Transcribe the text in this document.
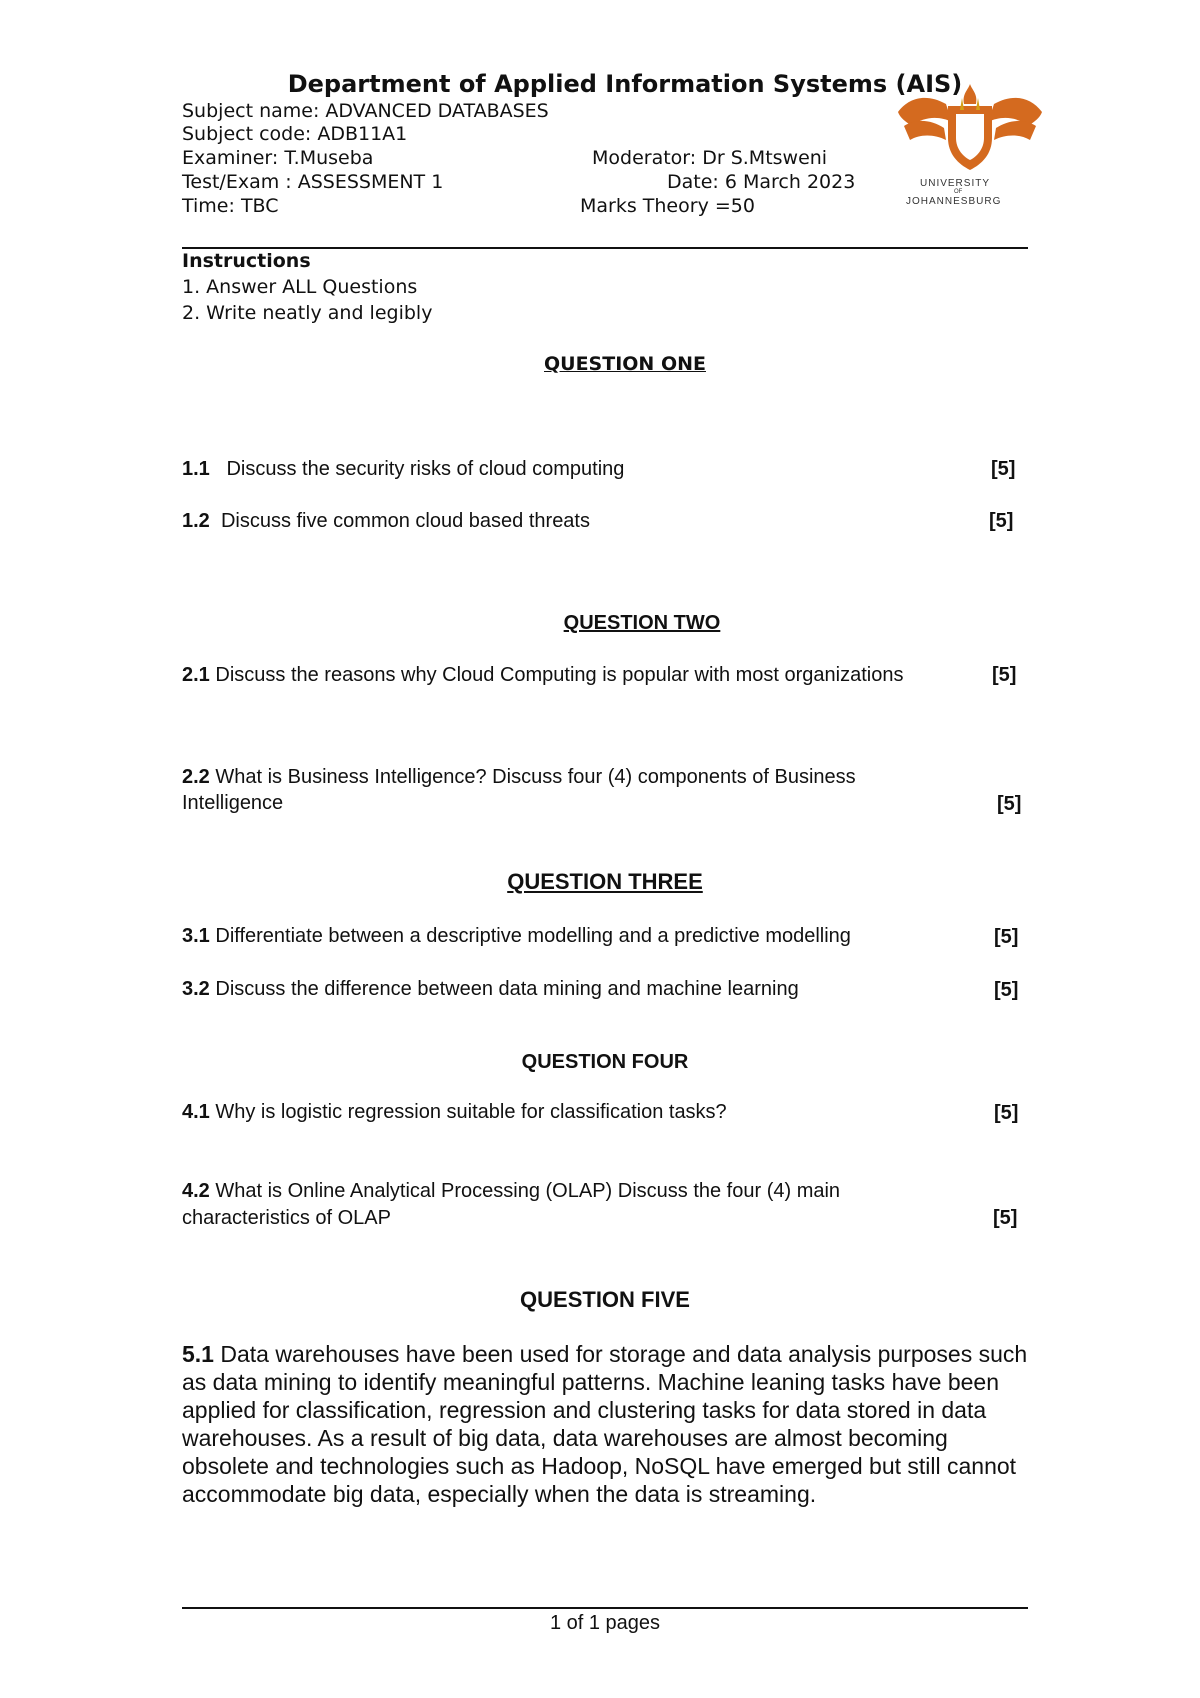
Department of Applied Information Systems (AIS)
Subject name: ADVANCED DATABASES
Subject code: ADB11A1
Examiner: T.Museba	Moderator: Dr S.Mtsweni
Test/Exam : ASSESSMENT 1	Date: 6 March 2023
Time: TBC	Marks Theory =50
UNIVERSITY
OF
JOHANNESBURG
Instructions
1. Answer ALL Questions
2. Write neatly and legibly
QUESTION ONE
1.1 Discuss the security risks of cloud computing	[5]
1.2 Discuss five common cloud based threats	[5]
QUESTION TWO
2.1 Discuss the reasons why Cloud Computing is popular with most organizations	[5]
2.2 What is Business Intelligence? Discuss four (4) components of Business
Intelligence	[5]
QUESTION THREE
3.1 Differentiate between a descriptive modelling and a predictive modelling	[5]
3.2 Discuss the difference between data mining and machine learning	[5]
QUESTION FOUR
4.1 Why is logistic regression suitable for classification tasks?	[5]
4.2 What is Online Analytical Processing (OLAP) Discuss the four (4) main
characteristics of OLAP	[5]
QUESTION FIVE
5.1 Data warehouses have been used for storage and data analysis purposes such as data mining to identify meaningful patterns. Machine leaning tasks have been applied for classification, regression and clustering tasks for data stored in data warehouses. As a result of big data, data warehouses are almost becoming obsolete and technologies such as Hadoop, NoSQL have emerged but still cannot accommodate big data, especially when the data is streaming.
1 of 1 pages
